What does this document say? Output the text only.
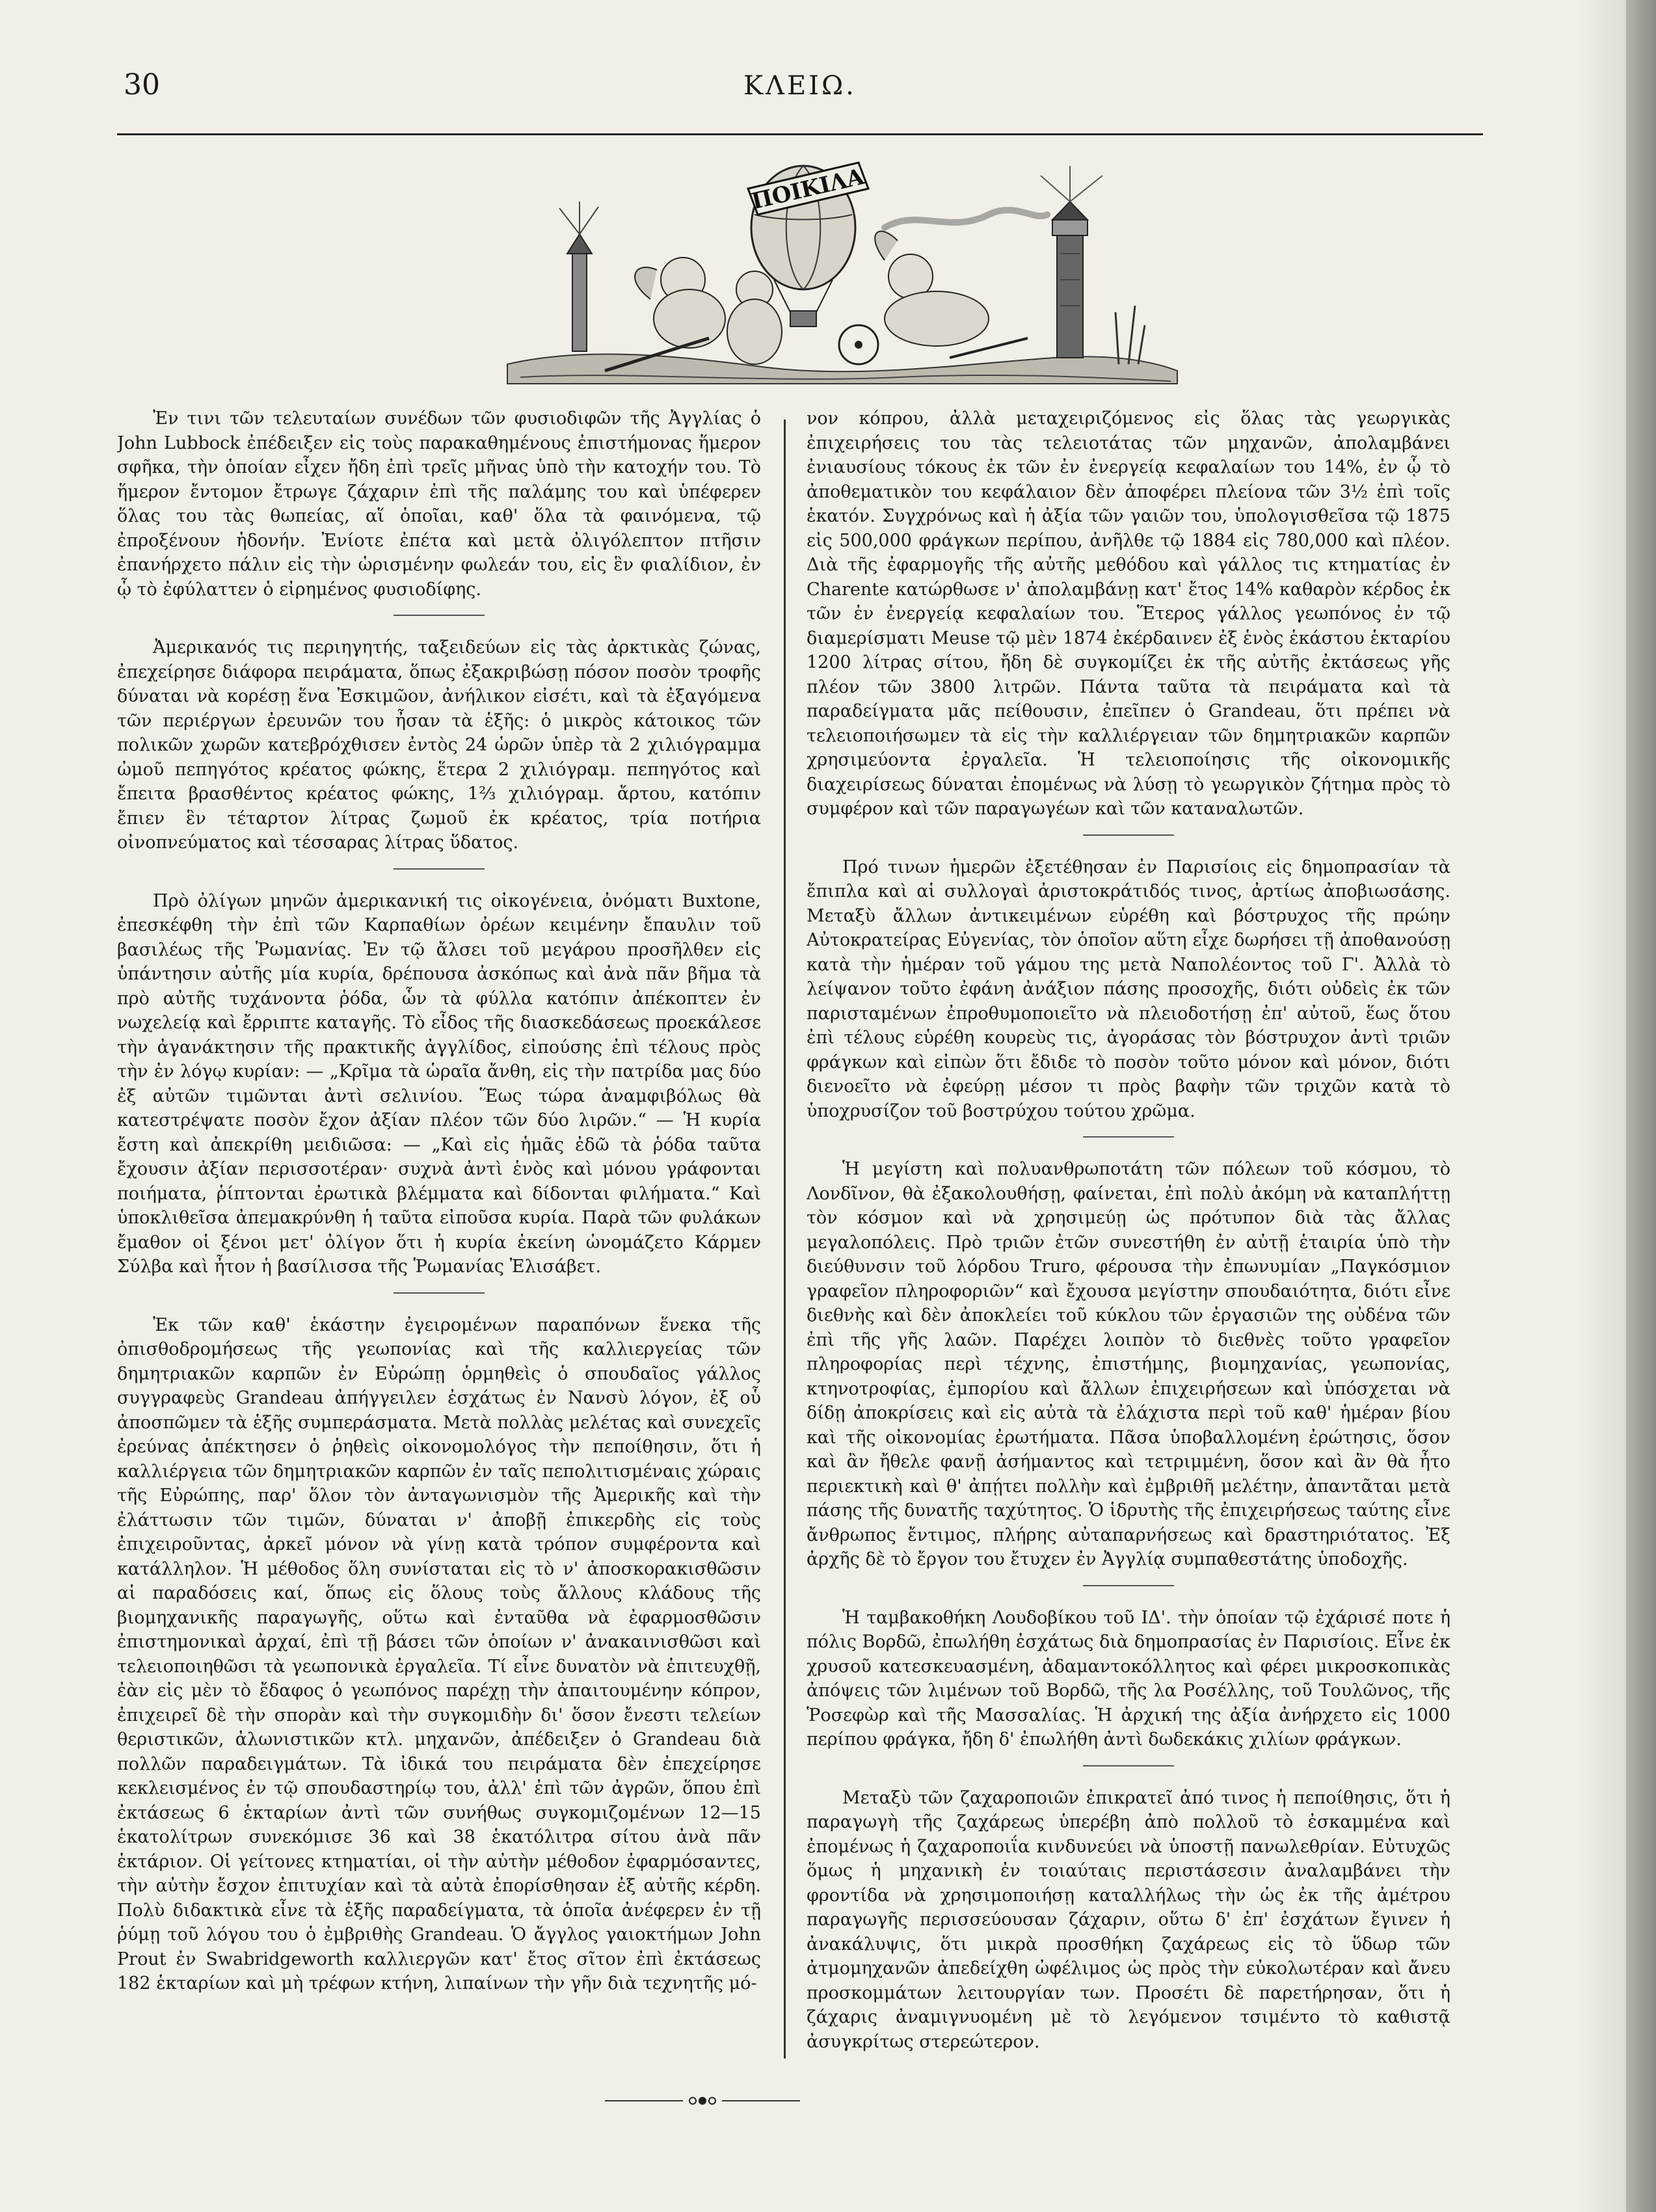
30	ΚΛΕΙΩ.
ΠΟΙΚΙΛΑ

Ἐν τινι τῶν τελευταίων συνέδων τῶν φυσιοδιφῶν τῆς Ἀγγλίας ὁ John Lubbock ἐπέδειξεν εἰς τοὺς παρακαθημένους ἐπιστήμονας ἥμερον σφῆκα, τὴν ὁποίαν εἶχεν ἤδη ἐπὶ τρεῖς μῆνας ὑπὸ τὴν κατοχήν του. Τὸ ἥμερον ἔντομον ἔτρωγε ζάχαριν ἐπὶ τῆς παλάμης του καὶ ὑπέφερεν ὅλας του τὰς θωπείας, αἵ ὁποῖαι, καθ' ὅλα τὰ φαινόμενα, τῷ ἐπροξένουν ἡδονήν. Ἐνίοτε ἐπέτα καὶ μετὰ ὀλιγόλεπτον πτῆσιν ἐπανήρχετο πάλιν εἰς τὴν ὡρισμένην φωλεάν του, εἰς ἓν φιαλίδιον, ἐν ᾧ τὸ ἐφύλαττεν ὁ εἰρημένος φυσιοδίφης.

Ἀμερικανός τις περιηγητής, ταξειδεύων εἰς τὰς ἀρκτικὰς ζώνας, ἐπεχείρησε διάφορα πειράματα, ὅπως ἐξακριβώσῃ πόσον ποσὸν τροφῆς δύναται νὰ κορέσῃ ἕνα Ἐσκιμῶον, ἀνήλικον εἰσέτι, καὶ τὰ ἐξαγόμενα τῶν περιέργων ἐρευνῶν του ἦσαν τὰ ἑξῆς: ὁ μικρὸς κάτοικος τῶν πολικῶν χωρῶν κατεβρόχθισεν ἐντὸς 24 ὡρῶν ὑπὲρ τὰ 2 χιλιόγραμμα ὠμοῦ πεπηγότος κρέατος φώκης, ἕτερα 2 χιλιόγραμ. πεπηγότος καὶ ἔπειτα βρασθέντος κρέατος φώκης, 1⅔ χιλιόγραμ. ἄρτου, κατόπιν ἔπιεν ἓν τέταρτον λίτρας ζωμοῦ ἐκ κρέατος, τρία ποτήρια οἰνοπνεύματος καὶ τέσσαρας λίτρας ὕδατος.

Πρὸ ὀλίγων μηνῶν ἀμερικανική τις οἰκογένεια, ὀνόματι Buxtone, ἐπεσκέφθη τὴν ἐπὶ τῶν Καρπαθίων ὀρέων κειμένην ἔπαυλιν τοῦ βασιλέως τῆς Ῥωμανίας. Ἐν τῷ ἄλσει τοῦ μεγάρου προσῆλθεν εἰς ὑπάντησιν αὐτῆς μία κυρία, δρέπουσα ἀσκόπως καὶ ἀνὰ πᾶν βῆμα τὰ πρὸ αὐτῆς τυχάνοντα ῥόδα, ὧν τὰ φύλλα κατόπιν ἀπέκοπτεν ἐν νωχελείᾳ καὶ ἔρριπτε καταγῆς. Τὸ εἶδος τῆς διασκεδάσεως προεκάλεσε τὴν ἀγανάκτησιν τῆς πρακτικῆς ἀγγλίδος, εἰπούσης ἐπὶ τέλους πρὸς τὴν ἐν λόγῳ κυρίαν: — „Κρῖμα τὰ ὡραῖα ἄνθη, εἰς τὴν πατρίδα μας δύο ἐξ αὐτῶν τιμῶνται ἀντὶ σελινίου. Ἕως τώρα ἀναμφιβόλως θὰ κατεστρέψατε ποσὸν ἔχον ἀξίαν πλέον τῶν δύο λιρῶν.“ — Ἡ κυρία ἔστη καὶ ἀπεκρίθη μειδιῶσα: — „Καὶ εἰς ἡμᾶς ἐδῶ τὰ ῥόδα ταῦτα ἔχουσιν ἀξίαν περισσοτέραν· συχνὰ ἀντὶ ἑνὸς καὶ μόνου γράφονται ποιήματα, ῥίπτονται ἐρωτικὰ βλέμματα καὶ δίδονται φιλήματα.“ Καὶ ὑποκλιθεῖσα ἀπεμακρύνθη ἡ ταῦτα εἰποῦσα κυρία. Παρὰ τῶν φυλάκων ἔμαθον οἱ ξένοι μετ' ὀλίγον ὅτι ἡ κυρία ἐκείνη ὠνομάζετο Κάρμεν Σύλβα καὶ ἦτον ἡ βασίλισσα τῆς Ῥωμανίας Ἐλισάβετ.

Ἐκ τῶν καθ' ἑκάστην ἐγειρομένων παραπόνων ἕνεκα τῆς ὀπισθοδρομήσεως τῆς γεωπονίας καὶ τῆς καλλιεργείας τῶν δημητριακῶν καρπῶν ἐν Εὐρώπῃ ὁρμηθεὶς ὁ σπουδαῖος γάλλος συγγραφεὺς Grandeau ἀπήγγειλεν ἐσχάτως ἐν Νανσὺ λόγον, ἐξ οὗ ἀποσπῶμεν τὰ ἑξῆς συμπεράσματα. Μετὰ πολλὰς μελέτας καὶ συνεχεῖς ἐρεύνας ἀπέκτησεν ὁ ῥηθεὶς οἰκονομολόγος τὴν πεποίθησιν, ὅτι ἡ καλλιέργεια τῶν δημητριακῶν καρπῶν ἐν ταῖς πεπολιτισμέναις χώραις τῆς Εὐρώπης, παρ' ὅλον τὸν ἀνταγωνισμὸν τῆς Ἀμερικῆς καὶ τὴν ἐλάττωσιν τῶν τιμῶν, δύναται ν' ἀποβῇ ἐπικερδὴς εἰς τοὺς ἐπιχειροῦντας, ἀρκεῖ μόνον νὰ γίνῃ κατὰ τρόπον συμφέροντα καὶ κατάλληλον. Ἡ μέθοδος ὅλη συνίσταται εἰς τὸ ν' ἀποσκορακισθῶσιν αἱ παραδόσεις καί, ὅπως εἰς ὅλους τοὺς ἄλλους κλάδους τῆς βιομηχανικῆς παραγωγῆς, οὕτω καὶ ἐνταῦθα νὰ ἐφαρμοσθῶσιν ἐπιστημονικαὶ ἀρχαί, ἐπὶ τῇ βάσει τῶν ὁποίων ν' ἀνακαινισθῶσι καὶ τελειοποιηθῶσι τὰ γεωπονικὰ ἐργαλεῖα. Τί εἶνε δυνατὸν νὰ ἐπιτευχθῇ, ἐὰν εἰς μὲν τὸ ἔδαφος ὁ γεωπόνος παρέχῃ τὴν ἀπαιτουμένην κόπρον, ἐπιχειρεῖ δὲ τὴν σπορὰν καὶ τὴν συγκομιδὴν δι' ὅσον ἔνεστι τελείων θεριστικῶν, ἀλωνιστικῶν κτλ. μηχανῶν, ἀπέδειξεν ὁ Grandeau διὰ πολλῶν παραδειγμάτων. Τὰ ἰδικά του πειράματα δὲν ἐπεχείρησε κεκλεισμένος ἐν τῷ σπουδαστηρίῳ του, ἀλλ' ἐπὶ τῶν ἀγρῶν, ὅπου ἐπὶ ἐκτάσεως 6 ἑκταρίων ἀντὶ τῶν συνήθως συγκομιζομένων 12—15 ἑκατολίτρων συνεκόμισε 36 καὶ 38 ἑκατόλιτρα σίτου ἀνὰ πᾶν ἑκτάριον. Οἱ γείτονες κτηματίαι, οἱ τὴν αὐτὴν μέθοδον ἐφαρμόσαντες, τὴν αὐτὴν ἔσχον ἐπιτυχίαν καὶ τὰ αὐτὰ ἐπορίσθησαν ἐξ αὐτῆς κέρδη. Πολὺ διδακτικὰ εἶνε τὰ ἑξῆς παραδείγματα, τὰ ὁποῖα ἀνέφερεν ἐν τῇ ῥύμῃ τοῦ λόγου του ὁ ἐμβριθὴς Grandeau. Ὁ ἄγγλος γαιοκτήμων John Prout ἐν Swabridgeworth καλλιεργῶν κατ' ἔτος σῖτον ἐπὶ ἐκτάσεως 182 ἑκταρίων καὶ μὴ τρέφων κτήνη, λιπαίνων τὴν γῆν διὰ τεχνητῆς μό-

νον κόπρου, ἀλλὰ μεταχειριζόμενος εἰς ὅλας τὰς γεωργικὰς ἐπιχειρήσεις του τὰς τελειοτάτας τῶν μηχανῶν, ἀπολαμβάνει ἐνιαυσίους τόκους ἐκ τῶν ἐν ἐνεργείᾳ κεφαλαίων του 14%, ἐν ᾧ τὸ ἀποθεματικὸν του κεφάλαιον δὲν ἀποφέρει πλείονα τῶν 3½ ἐπὶ τοῖς ἑκατόν. Συγχρόνως καὶ ἡ ἀξία τῶν γαιῶν του, ὑπολογισθεῖσα τῷ 1875 εἰς 500,000 φράγκων περίπου, ἀνῆλθε τῷ 1884 εἰς 780,000 καὶ πλέον. Διὰ τῆς ἐφαρμογῆς τῆς αὐτῆς μεθόδου καὶ γάλλος τις κτηματίας ἐν Charente κατώρθωσε ν' ἀπολαμβάνῃ κατ' ἔτος 14% καθαρὸν κέρδος ἐκ τῶν ἐν ἐνεργείᾳ κεφαλαίων του. Ἕτερος γάλλος γεωπόνος ἐν τῷ διαμερίσματι Meuse τῷ μὲν 1874 ἐκέρδαινεν ἐξ ἑνὸς ἑκάστου ἑκταρίου 1200 λίτρας σίτου, ἤδη δὲ συγκομίζει ἐκ τῆς αὐτῆς ἐκτάσεως γῆς πλέον τῶν 3800 λιτρῶν. Πάντα ταῦτα τὰ πειράματα καὶ τὰ παραδείγματα μᾶς πείθουσιν, ἐπεῖπεν ὁ Grandeau, ὅτι πρέπει νὰ τελειοποιήσωμεν τὰ εἰς τὴν καλλιέργειαν τῶν δημητριακῶν καρπῶν χρησιμεύοντα ἐργαλεῖα. Ἡ τελειοποίησις τῆς οἰκονομικῆς διαχειρίσεως δύναται ἐπομένως νὰ λύσῃ τὸ γεωργικὸν ζήτημα πρὸς τὸ συμφέρον καὶ τῶν παραγωγέων καὶ τῶν καταναλωτῶν.

Πρό τινων ἡμερῶν ἐξετέθησαν ἐν Παρισίοις εἰς δημοπρασίαν τὰ ἔπιπλα καὶ αἱ συλλογαὶ ἀριστοκράτιδός τινος, ἀρτίως ἀποβιωσάσης. Μεταξὺ ἄλλων ἀντικειμένων εὑρέθη καὶ βόστρυχος τῆς πρώην Αὐτοκρατείρας Εὐγενίας, τὸν ὁποῖον αὕτη εἶχε δωρήσει τῇ ἀποθανούσῃ κατὰ τὴν ἡμέραν τοῦ γάμου της μετὰ Ναπολέοντος τοῦ Γ'. Ἀλλὰ τὸ λείψανον τοῦτο ἐφάνη ἀνάξιον πάσης προσοχῆς, διότι οὐδεὶς ἐκ τῶν παρισταμένων ἐπροθυμοποιεῖτο νὰ πλειοδοτήσῃ ἐπ' αὐτοῦ, ἕως ὅτου ἐπὶ τέλους εὑρέθη κουρεὺς τις, ἀγοράσας τὸν βόστρυχον ἀντὶ τριῶν φράγκων καὶ εἰπὼν ὅτι ἔδιδε τὸ ποσὸν τοῦτο μόνον καὶ μόνον, διότι διενοεῖτο νὰ ἐφεύρῃ μέσον τι πρὸς βαφὴν τῶν τριχῶν κατὰ τὸ ὑποχρυσίζον τοῦ βοστρύχου τούτου χρῶμα.

Ἡ μεγίστη καὶ πολυανθρωποτάτη τῶν πόλεων τοῦ κόσμου, τὸ Λονδῖνον, θὰ ἐξακολουθήσῃ, φαίνεται, ἐπὶ πολὺ ἀκόμη νὰ καταπλήττῃ τὸν κόσμον καὶ νὰ χρησιμεύῃ ὡς πρότυπον διὰ τὰς ἄλλας μεγαλοπόλεις. Πρὸ τριῶν ἐτῶν συνεστήθη ἐν αὐτῇ ἑταιρία ὑπὸ τὴν διεύθυνσιν τοῦ λόρδου Truro, φέρουσα τὴν ἐπωνυμίαν „Παγκόσμιον γραφεῖον πληροφοριῶν“ καὶ ἔχουσα μεγίστην σπουδαιότητα, διότι εἶνε διεθνὴς καὶ δὲν ἀποκλείει τοῦ κύκλου τῶν ἐργασιῶν της οὐδένα τῶν ἐπὶ τῆς γῆς λαῶν. Παρέχει λοιπὸν τὸ διεθνὲς τοῦτο γραφεῖον πληροφορίας περὶ τέχνης, ἐπιστήμης, βιομηχανίας, γεωπονίας, κτηνοτροφίας, ἐμπορίου καὶ ἄλλων ἐπιχειρήσεων καὶ ὑπόσχεται νὰ δίδῃ ἀποκρίσεις καὶ εἰς αὐτὰ τὰ ἐλάχιστα περὶ τοῦ καθ' ἡμέραν βίου καὶ τῆς οἰκονομίας ἐρωτήματα. Πᾶσα ὑποβαλλομένη ἐρώτησις, ὅσον καὶ ἂν ἤθελε φανῇ ἀσήμαντος καὶ τετριμμένη, ὅσον καὶ ἂν θὰ ἦτο περιεκτικὴ καὶ θ' ἀπῄτει πολλὴν καὶ ἐμβριθῆ μελέτην, ἀπαντᾶται μετὰ πάσης τῆς δυνατῆς ταχύτητος. Ὁ ἱδρυτὴς τῆς ἐπιχειρήσεως ταύτης εἶνε ἄνθρωπος ἔντιμος, πλήρης αὐταπαρνήσεως καὶ δραστηριότατος. Ἐξ ἀρχῆς δὲ τὸ ἔργον του ἔτυχεν ἐν Ἀγγλίᾳ συμπαθεστάτης ὑποδοχῆς.

Ἡ ταμβακοθήκη Λουδοβίκου τοῦ ΙΔ'. τὴν ὁποίαν τῷ ἐχάρισέ ποτε ἡ πόλις Βορδῶ, ἐπωλήθη ἐσχάτως διὰ δημοπρασίας ἐν Παρισίοις. Εἶνε ἐκ χρυσοῦ κατεσκευασμένη, ἀδαμαντοκόλλητος καὶ φέρει μικροσκοπικὰς ἀπόψεις τῶν λιμένων τοῦ Βορδῶ, τῆς λα Ροσέλλης, τοῦ Τουλῶνος, τῆς Ῥοσεφὼρ καὶ τῆς Μασσαλίας. Ἡ ἀρχική της ἀξία ἀνήρχετο εἰς 1000 περίπου φράγκα, ἤδη δ' ἐπωλήθη ἀντὶ δωδεκάκις χιλίων φράγκων.

Μεταξὺ τῶν ζαχαροποιῶν ἐπικρατεῖ ἀπό τινος ἡ πεποίθησις, ὅτι ἡ παραγωγὴ τῆς ζαχάρεως ὑπερέβη ἀπὸ πολλοῦ τὸ ἐσκαμμένα καὶ ἐπομένως ἡ ζαχαροποιΐα κινδυνεύει νὰ ὑποστῇ πανωλεθρίαν. Εὐτυχῶς ὅμως ἡ μηχανικὴ ἐν τοιαύταις περιστάσεσιν ἀναλαμβάνει τὴν φροντίδα νὰ χρησιμοποιήσῃ καταλλήλως τὴν ὡς ἐκ τῆς ἀμέτρου παραγωγῆς περισσεύουσαν ζάχαριν, οὕτω δ' ἐπ' ἐσχάτων ἔγινεν ἡ ἀνακάλυψις, ὅτι μικρὰ προσθήκη ζαχάρεως εἰς τὸ ὕδωρ τῶν ἀτμομηχανῶν ἀπεδείχθη ὠφέλιμος ὡς πρὸς τὴν εὐκολωτέραν καὶ ἄνευ προσκομμάτων λειτουργίαν των. Προσέτι δὲ παρετήρησαν, ὅτι ἡ ζάχαρις ἀναμιγνυομένη μὲ τὸ λεγόμενον τσιμέντο τὸ καθιστᾷ ἀσυγκρίτως στερεώτερον.
